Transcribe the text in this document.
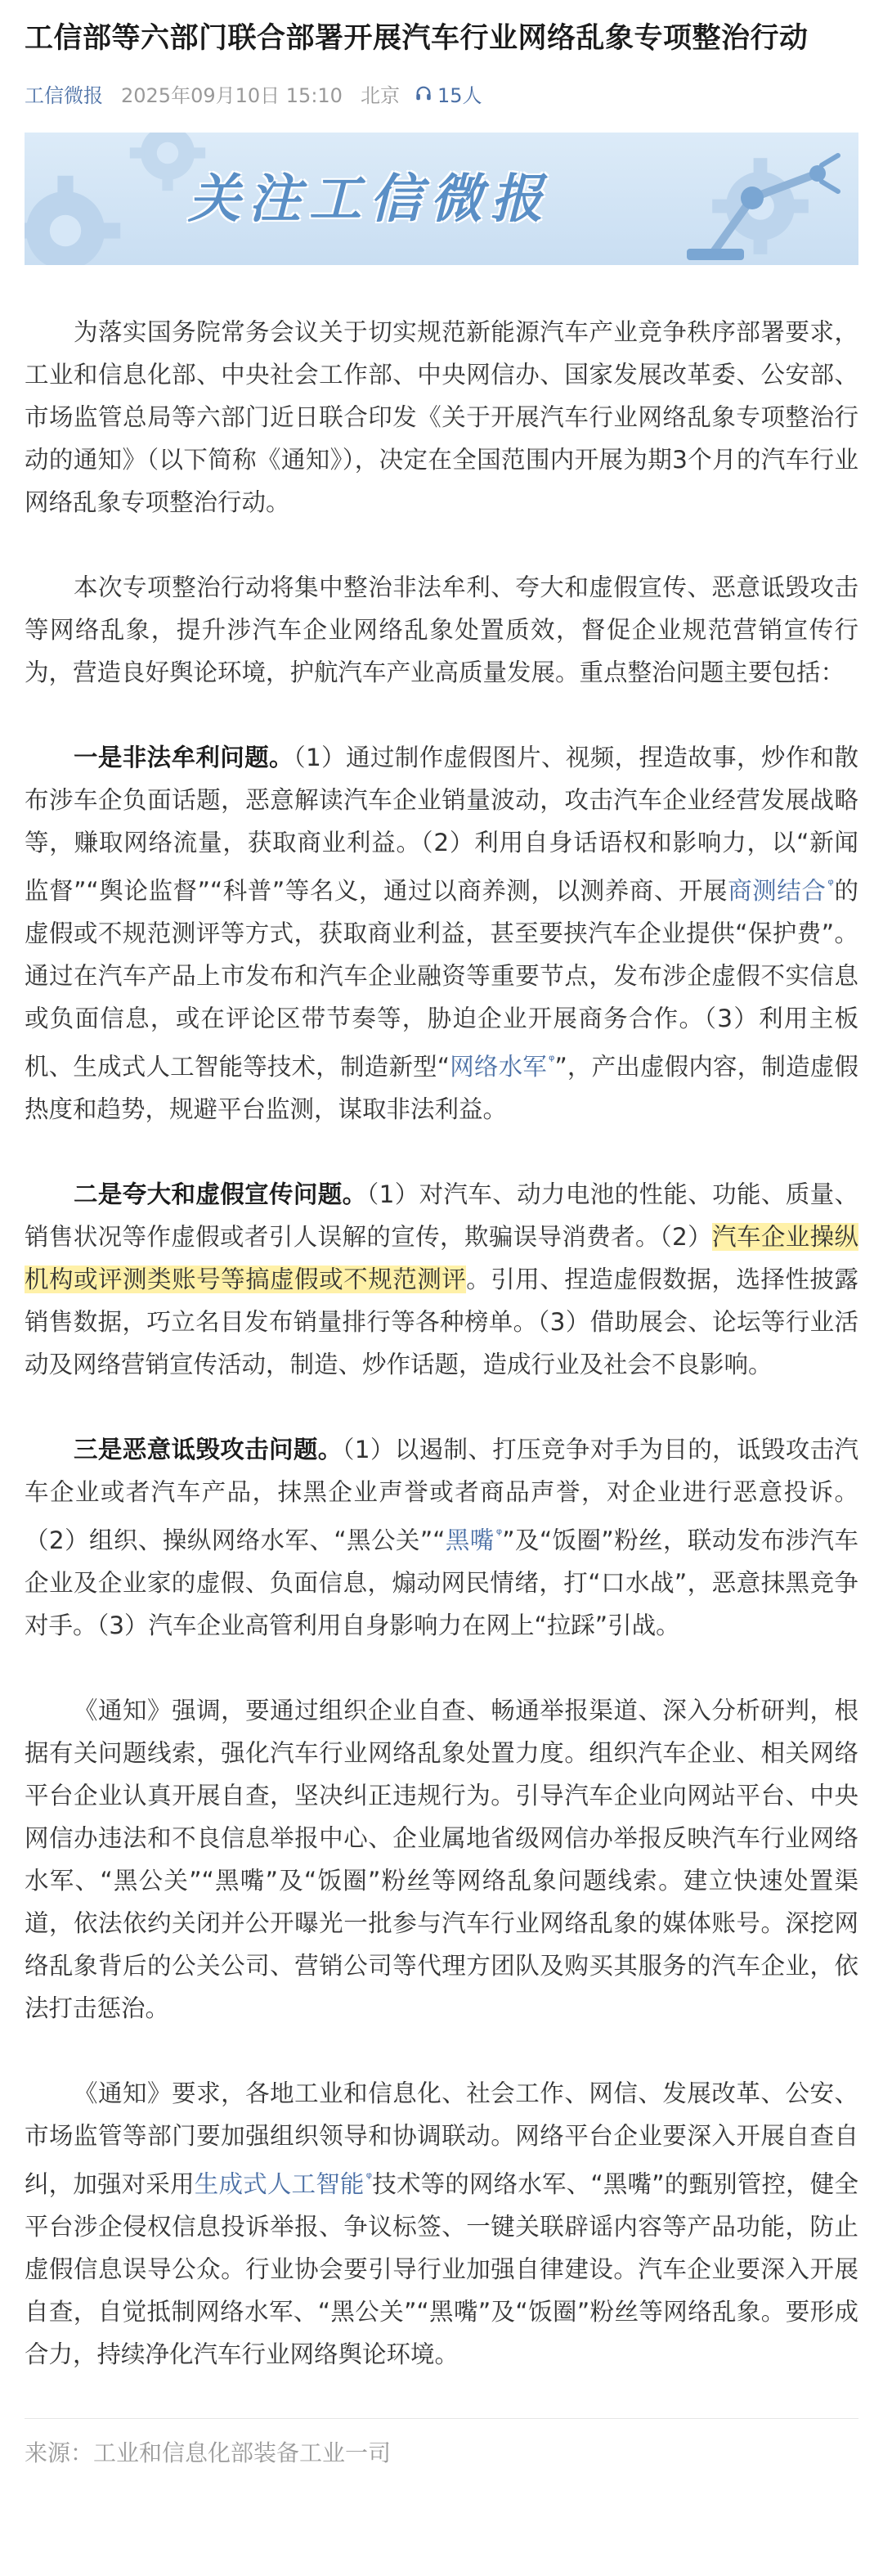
工信部等六部门联合部署开展汽车行业网络乱象专项整治行动
工信微报 2025年09月10日 15:10 北京 15人
关注工信微报

为落实国务院常务会议关于切实规范新能源汽车产业竞争秩序部署要求，工业和信息化部、中央社会工作部、中央网信办、国家发展改革委、公安部、市场监管总局等六部门近日联合印发《关于开展汽车行业网络乱象专项整治行动的通知》（以下简称《通知》），决定在全国范围内开展为期3个月的汽车行业网络乱象专项整治行动。

本次专项整治行动将集中整治非法牟利、夸大和虚假宣传、恶意诋毁攻击等网络乱象，提升涉汽车企业网络乱象处置质效，督促企业规范营销宣传行为，营造良好舆论环境，护航汽车产业高质量发展。重点整治问题主要包括：

一是非法牟利问题。（1）通过制作虚假图片、视频，捏造故事，炒作和散布涉车企负面话题，恶意解读汽车企业销量波动，攻击汽车企业经营发展战略等，赚取网络流量，获取商业利益。（2）利用自身话语权和影响力，以“新闻监督”“舆论监督”“科普”等名义，通过以商养测，以测养商、开展商测结合 $^ᵠ$的虚假或不规范测评等方式，获取商业利益，甚至要挟汽车企业提供“保护费”。通过在汽车产品上市发布和汽车企业融资等重要节点，发布涉企虚假不实信息或负面信息，或在评论区带节奏等，胁迫企业开展商务合作。（3）利用主板机、生成式人工智能等技术，制造新型“网络水军 $^ᵠ$”，产出虚假内容，制造虚假热度和趋势，规避平台监测，谋取非法利益。

二是夸大和虚假宣传问题。（1）对汽车、动力电池的性能、功能、质量、销售状况等作虚假或者引人误解的宣传，欺骗误导消费者。（2）汽车企业操纵机构或评测类账号等搞虚假或不规范测评。引用、捏造虚假数据，选择性披露销售数据，巧立名目发布销量排行等各种榜单。（3）借助展会、论坛等行业活动及网络营销宣传活动，制造、炒作话题，造成行业及社会不良影响。

三是恶意诋毁攻击问题。（1）以遏制、打压竞争对手为目的，诋毁攻击汽车企业或者汽车产品，抹黑企业声誉或者商品声誉，对企业进行恶意投诉。（2）组织、操纵网络水军、“黑公关”“黑嘴 $^ᵠ$”及“饭圈”粉丝，联动发布涉汽车企业及企业家的虚假、负面信息，煽动网民情绪，打“口水战”，恶意抹黑竞争对手。（3）汽车企业高管利用自身影响力在网上“拉踩”引战。

《通知》强调，要通过组织企业自查、畅通举报渠道、深入分析研判，根据有关问题线索，强化汽车行业网络乱象处置力度。组织汽车企业、相关网络平台企业认真开展自查，坚决纠正违规行为。引导汽车企业向网站平台、中央网信办违法和不良信息举报中心、企业属地省级网信办举报反映汽车行业网络水军、“黑公关”“黑嘴”及“饭圈”粉丝等网络乱象问题线索。建立快速处置渠道，依法依约关闭并公开曝光一批参与汽车行业网络乱象的媒体账号。深挖网络乱象背后的公关公司、营销公司等代理方团队及购买其服务的汽车企业，依法打击惩治。

《通知》要求，各地工业和信息化、社会工作、网信、发展改革、公安、市场监管等部门要加强组织领导和协调联动。网络平台企业要深入开展自查自纠，加强对采用生成式人工智能 $^ᵠ$技术等的网络水军、“黑嘴”的甄别管控，健全平台涉企侵权信息投诉举报、争议标签、一键关联辟谣内容等产品功能，防止虚假信息误导公众。行业协会要引导行业加强自律建设。汽车企业要深入开展自查，自觉抵制网络水军、“黑公关”“黑嘴”及“饭圈”粉丝等网络乱象。要形成合力，持续净化汽车行业网络舆论环境。

来源：工业和信息化部装备工业一司
